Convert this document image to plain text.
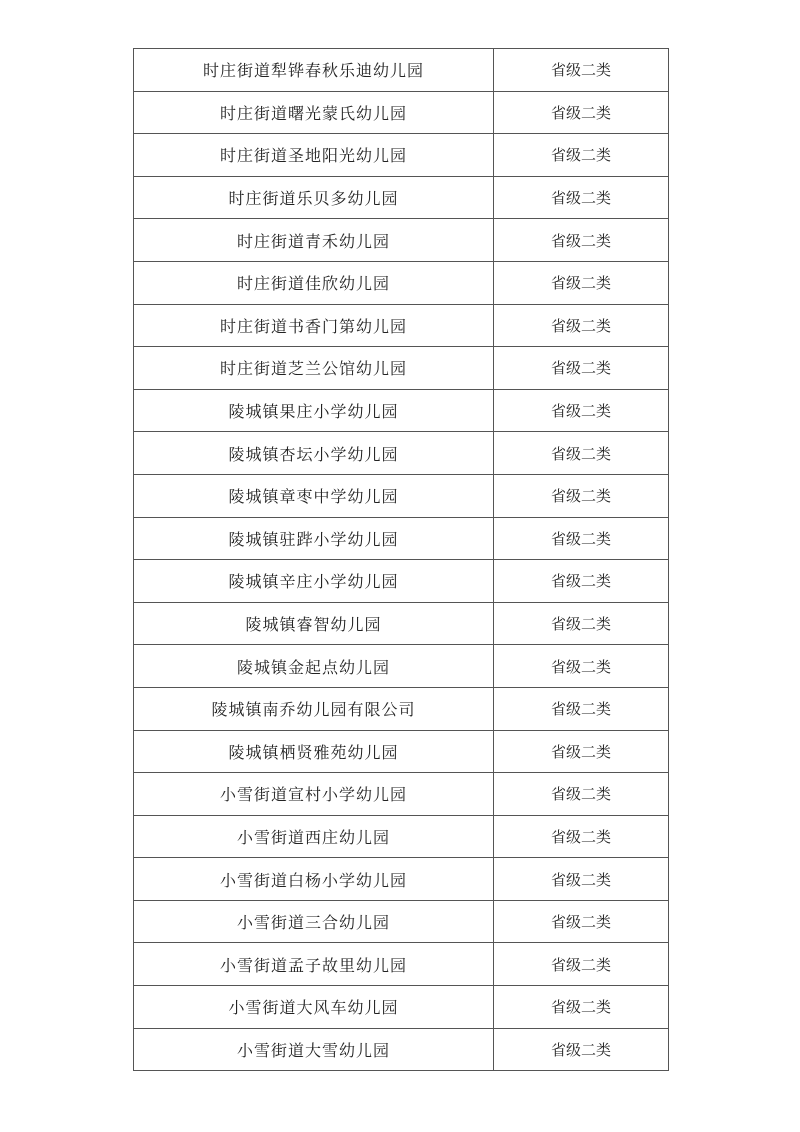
时庄街道犁铧春秋乐迪幼儿园	省级二类
时庄街道曙光蒙氏幼儿园	省级二类
时庄街道圣地阳光幼儿园	省级二类
时庄街道乐贝多幼儿园	省级二类
时庄街道青禾幼儿园	省级二类
时庄街道佳欣幼儿园	省级二类
时庄街道书香门第幼儿园	省级二类
时庄街道芝兰公馆幼儿园	省级二类
陵城镇果庄小学幼儿园	省级二类
陵城镇杏坛小学幼儿园	省级二类
陵城镇章枣中学幼儿园	省级二类
陵城镇驻跸小学幼儿园	省级二类
陵城镇辛庄小学幼儿园	省级二类
陵城镇睿智幼儿园	省级二类
陵城镇金起点幼儿园	省级二类
陵城镇南乔幼儿园有限公司	省级二类
陵城镇栖贤雅苑幼儿园	省级二类
小雪街道宣村小学幼儿园	省级二类
小雪街道西庄幼儿园	省级二类
小雪街道白杨小学幼儿园	省级二类
小雪街道三合幼儿园	省级二类
小雪街道孟子故里幼儿园	省级二类
小雪街道大风车幼儿园	省级二类
小雪街道大雪幼儿园	省级二类
